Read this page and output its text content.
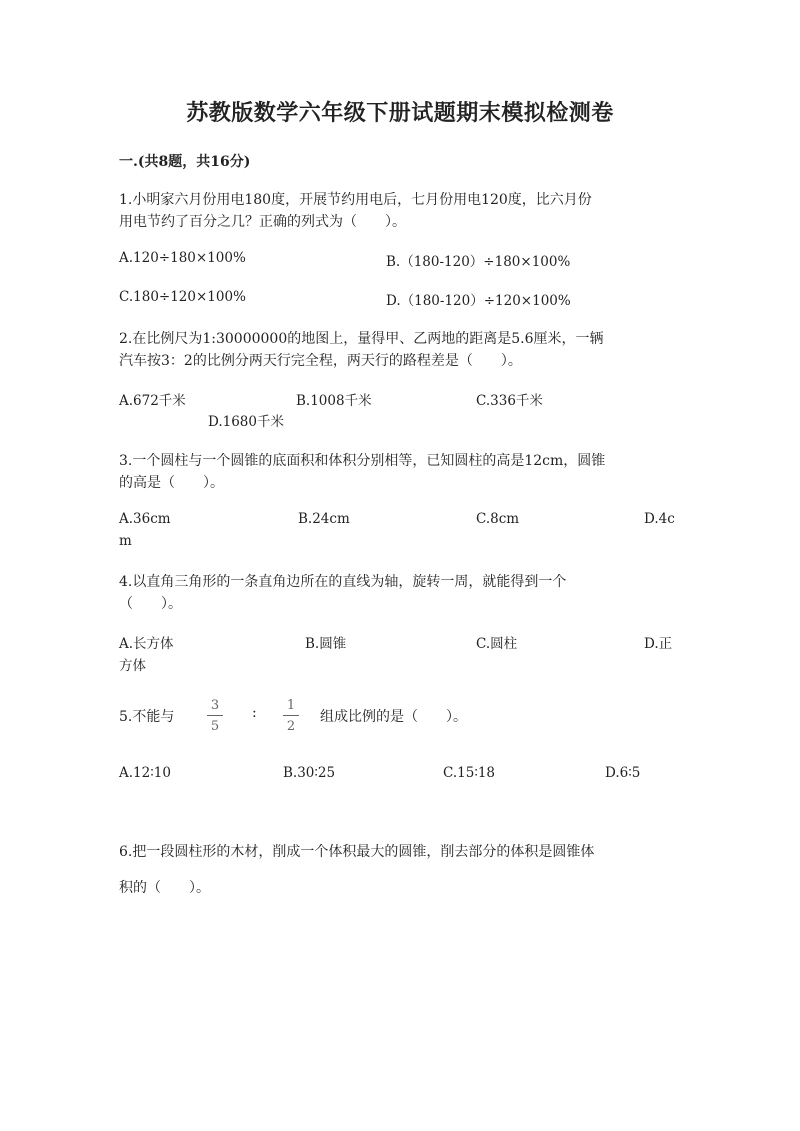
苏教版数学六年级下册试题期末模拟检测卷
一.(共8题，共16分)
1.小明家六月份用电180度，开展节约用电后，七月份用电120度，比六月份
用电节约了百分之几？正确的列式为（　　）。
A.120÷180×100%	B.（180-120）÷180×100%
C.180÷120×100%	D.（180-120）÷120×100%
2.在比例尺为1:30000000的地图上，量得甲、乙两地的距离是5.6厘米，一辆
汽车按3：2的比例分两天行完全程，两天行的路程差是（　　）。
A.672千米	B.1008千米	C.336千米
D.1680千米
3.一个圆柱与一个圆锥的底面积和体积分别相等，已知圆柱的高是12cm，圆锥
的高是（　　）。
A.36cm	B.24cm	C.8cm	D.4c
m
4.以直角三角形的一条直角边所在的直线为轴，旋转一周，就能得到一个
（　　）。
A.长方体	B.圆锥	C.圆柱	D.正
方体
5.不能与
3
5
: 1
2
组成比例的是（　　）。
A.12∶10	B.30∶25	C.15∶18	D.6∶5
6.把一段圆柱形的木材，削成一个体积最大的圆锥，削去部分的体积是圆锥体
积的（　　）。
